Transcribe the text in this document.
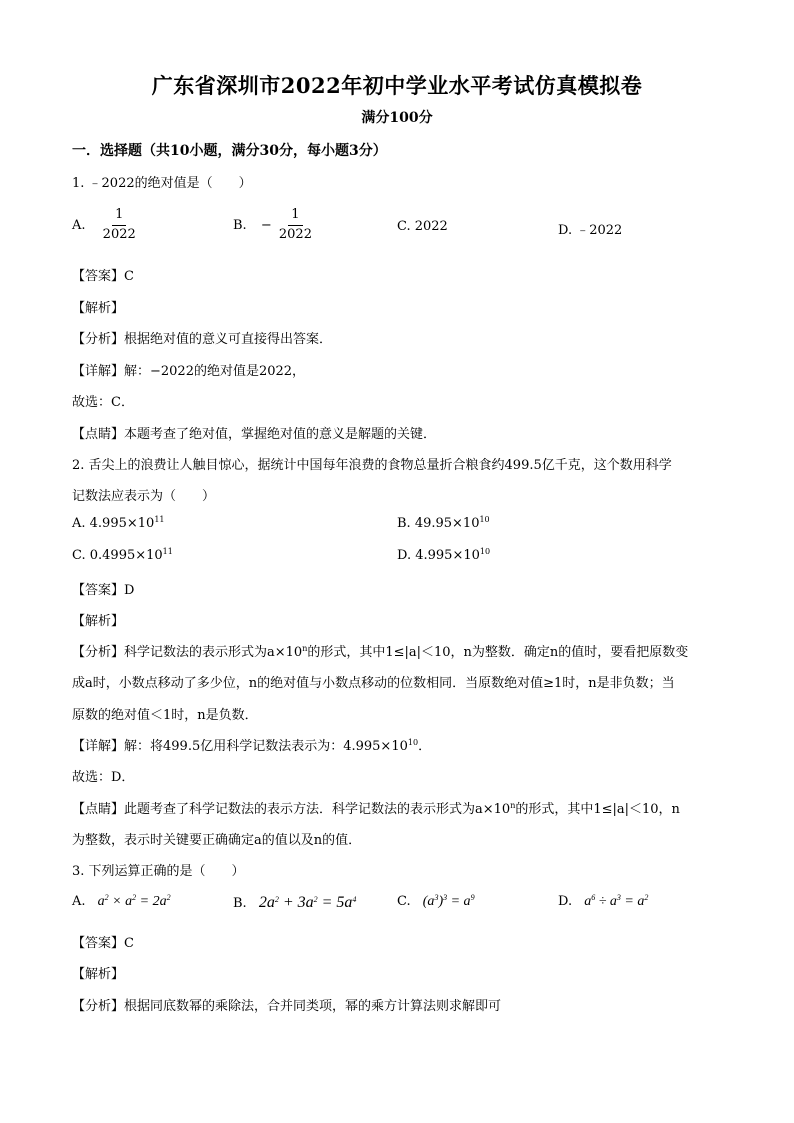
广东省深圳市2022年初中学业水平考试仿真模拟卷
满分100分
一．选择题（共10小题，满分30分，每小题3分）
1. ﹣2022的绝对值是（　　）
A. $\frac{1}{2022}$	B. − $\frac{1}{2022}$	C. 2022	D. ﹣2022
【答案】C
【解析】
【分析】根据绝对值的意义可直接得出答案．
【详解】解：−2022的绝对值是2022，
故选：C．
【点睛】本题考查了绝对值，掌握绝对值的意义是解题的关键．
2. 舌尖上的浪费让人触目惊心，据统计中国每年浪费的食物总量折合粮食约499.5亿千克，这个数用科学
记数法应表示为（　　）
A. $4.995\times 10^{11}$	B. $49.95\times 10^{10}$
C. $0.4995\times 10^{11}$	D. $4.995\times 10^{10}$
【答案】D
【解析】
【分析】科学记数法的表示形式为$a\times 10^n$的形式，其中1≤|a|＜10，n为整数．确定n的值时，要看把原数变
成a时，小数点移动了多少位，n的绝对值与小数点移动的位数相同．当原数绝对值≥1时，n是非负数；当
原数的绝对值＜1时，n是负数．
【详解】解：将499.5亿用科学记数法表示为：$4.995\times 10^{10}$．
故选：D．
【点睛】此题考查了科学记数法的表示方法．科学记数法的表示形式为$a\times 10^n$的形式，其中1≤|a|＜10，n
为整数，表示时关键要正确确定a的值以及n的值．
3. 下列运算正确的是（　　）
A. $a^2 \times a^2 = 2a^2$	B. $2a^2 + 3a^2 = 5a^4$	C. $(a^3)^3 = a^9$	D. $a^6 \div a^3 = a^2$
【答案】C
【解析】
【分析】根据同底数幂的乘除法，合并同类项，幂的乘方计算法则求解即可
